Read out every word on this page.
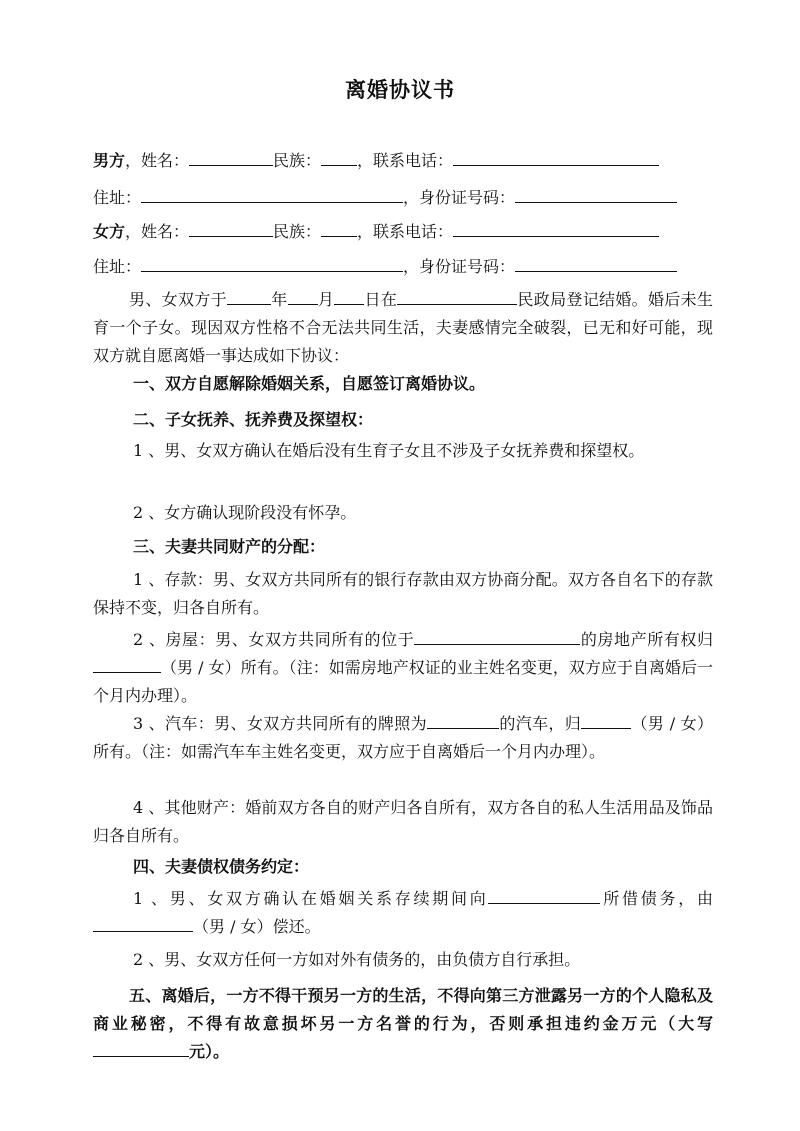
离婚协议书
男方，姓名：	民族： ，联系电话：
住址：	，身份证号码：
女方，姓名：	民族： ，联系电话：
住址：	，身份证号码：
男、女双方于	年 月 日在	民政局登记结婚。婚后未生育一个子女。现因双方性格不合无法共同生活，夫妻感情完全破裂，已无和好可能，现双方就自愿离婚一事达成如下协议：
一、双方自愿解除婚姻关系，自愿签订离婚协议。
二、子女抚养、抚养费及探望权：
1 、男、女双方确认在婚后没有生育子女且不涉及子女抚养费和探望权。
2 、女方确认现阶段没有怀孕。
三、夫妻共同财产的分配：
1 、存款：男、女双方共同所有的银行存款由双方协商分配。双方各自名下的存款保持不变，归各自所有。
2 、房屋：男、女双方共同所有的位于	的房地产所有权归（男 / 女）所有。（注：如需房地产权证的业主姓名变更，双方应于自离婚后一个月内办理）。
3 、汽车：男、女双方共同所有的牌照为	的汽车，归	（男 / 女）所有。（注：如需汽车车主姓名变更，双方应于自离婚后一个月内办理）。
4 、其他财产：婚前双方各自的财产归各自所有，双方各自的私人生活用品及饰品归各自所有。
四、夫妻债权债务约定：
1 、男、女双方确认在婚姻关系存续期间向	所借债务，由（男 / 女）偿还。
2 、男、女双方任何一方如对外有债务的，由负债方自行承担。
五、离婚后，一方不得干预另一方的生活，不得向第三方泄露另一方的个人隐私及商业秘密，不得有故意损坏另一方名誉的行为，否则承担违约金万元（大写元）。
